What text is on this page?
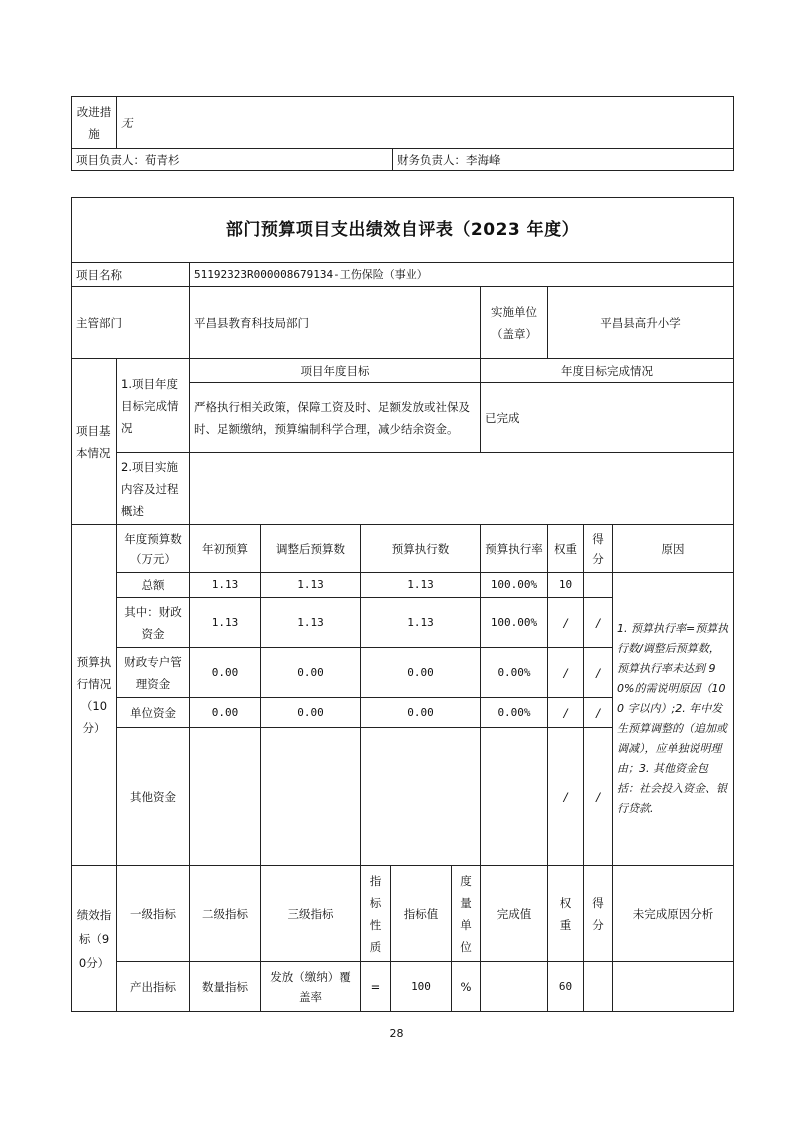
改进措施	无	
项目负责人：荀青杉		财务负责人：李海峰
部门预算项目支出绩效自评表（2023 年度）										
项目名称		51192323R000008679134-工伤保险（事业）								
主管部门		平昌县教育科技局部门					实施单位（盖章）	平昌县高升小学		
项目基本情况	1.项目年度目标完成情况	项目年度目标					年度目标完成情况			
		严格执行相关政策，保障工资及时、足额发放或社保及时、足额缴纳，预算编制科学合理，减少结余资金。					已完成			
	2.项目实施内容及过程概述									
预算执行情况（10分）	年度预算数（万元）	年初预算	调整后预算数	预算执行数			预算执行率	权重	得分	原因
	总额	1.13	1.13	1.13			100.00%	10		1. 预算执行率=预算执行数/调整后预算数，预算执行率未达到 90%的需说明原因（100 字以内）;2. 年中发生预算调整的（追加或调减），应单独说明理由；3. 其他资金包括：社会投入资金、银行贷款.
	其中：财政资金	1.13	1.13	1.13			100.00%	/	/	
	财政专户管理资金	0.00	0.00	0.00			0.00%	/	/	
	单位资金	0.00	0.00	0.00			0.00%	/	/	
	其他资金							/	/	
绩效指标（90分）	一级指标	二级指标	三级指标	指标性质	指标值	度量单位	完成值	权重	得分	未完成原因分析
	产出指标	数量指标	发放（缴纳）覆盖率	=	100	%		60		
28
